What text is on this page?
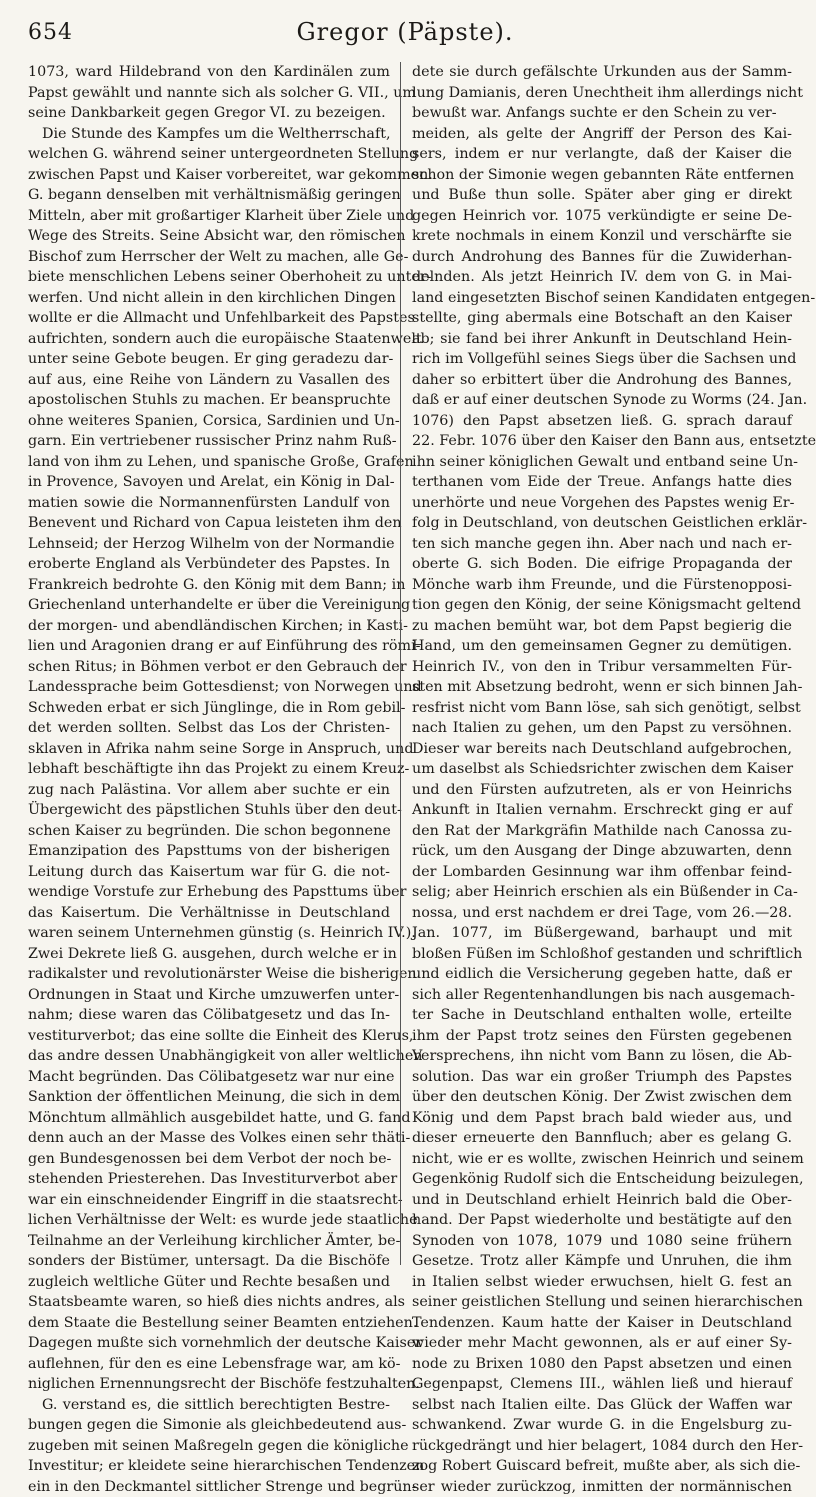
654	Gregor (Päpste).
1073, ward Hildebrand von den Kardinälen zum
Papst gewählt und nannte sich als solcher G. VII., um
seine Dankbarkeit gegen Gregor VI. zu bezeigen.
Die Stunde des Kampfes um die Weltherrschaft,
welchen G. während seiner untergeordneten Stellung
zwischen Papst und Kaiser vorbereitet, war gekommen.
G. begann denselben mit verhältnismäßig geringen
Mitteln, aber mit großartiger Klarheit über Ziele und
Wege des Streits. Seine Absicht war, den römischen
Bischof zum Herrscher der Welt zu machen, alle Ge-
biete menschlichen Lebens seiner Oberhoheit zu unter-
werfen. Und nicht allein in den kirchlichen Dingen
wollte er die Allmacht und Unfehlbarkeit des Papstes
aufrichten, sondern auch die europäische Staatenwelt
unter seine Gebote beugen. Er ging geradezu dar-
auf aus, eine Reihe von Ländern zu Vasallen des
apostolischen Stuhls zu machen. Er beanspruchte
ohne weiteres Spanien, Corsica, Sardinien und Un-
garn. Ein vertriebener russischer Prinz nahm Ruß-
land von ihm zu Lehen, und spanische Große, Grafen
in Provence, Savoyen und Arelat, ein König in Dal-
matien sowie die Normannenfürsten Landulf von
Benevent und Richard von Capua leisteten ihm den
Lehnseid; der Herzog Wilhelm von der Normandie
eroberte England als Verbündeter des Papstes. In
Frankreich bedrohte G. den König mit dem Bann; in
Griechenland unterhandelte er über die Vereinigung
der morgen- und abendländischen Kirchen; in Kasti-
lien und Aragonien drang er auf Einführung des römi-
schen Ritus; in Böhmen verbot er den Gebrauch der
Landessprache beim Gottesdienst; von Norwegen und
Schweden erbat er sich Jünglinge, die in Rom gebil-
det werden sollten. Selbst das Los der Christen-
sklaven in Afrika nahm seine Sorge in Anspruch, und
lebhaft beschäftigte ihn das Projekt zu einem Kreuz-
zug nach Palästina. Vor allem aber suchte er ein
Übergewicht des päpstlichen Stuhls über den deut-
schen Kaiser zu begründen. Die schon begonnene
Emanzipation des Papsttums von der bisherigen
Leitung durch das Kaisertum war für G. die not-
wendige Vorstufe zur Erhebung des Papsttums über
das Kaisertum. Die Verhältnisse in Deutschland
waren seinem Unternehmen günstig (s. Heinrich IV.).
Zwei Dekrete ließ G. ausgehen, durch welche er in
radikalster und revolutionärster Weise die bisherigen
Ordnungen in Staat und Kirche umzuwerfen unter-
nahm; diese waren das Cölibatgesetz und das In-
vestiturverbot; das eine sollte die Einheit des Klerus,
das andre dessen Unabhängigkeit von aller weltlichen
Macht begründen. Das Cölibatgesetz war nur eine
Sanktion der öffentlichen Meinung, die sich in dem
Mönchtum allmählich ausgebildet hatte, und G. fand
denn auch an der Masse des Volkes einen sehr thäti-
gen Bundesgenossen bei dem Verbot der noch be-
stehenden Priesterehen. Das Investiturverbot aber
war ein einschneidender Eingriff in die staatsrecht-
lichen Verhältnisse der Welt: es wurde jede staatliche
Teilnahme an der Verleihung kirchlicher Ämter, be-
sonders der Bistümer, untersagt. Da die Bischöfe
zugleich weltliche Güter und Rechte besaßen und
Staatsbeamte waren, so hieß dies nichts andres, als
dem Staate die Bestellung seiner Beamten entziehen.
Dagegen mußte sich vornehmlich der deutsche Kaiser
auflehnen, für den es eine Lebensfrage war, am kö-
niglichen Ernennungsrecht der Bischöfe festzuhalten.
G. verstand es, die sittlich berechtigten Bestre-
bungen gegen die Simonie als gleichbedeutend aus-
zugeben mit seinen Maßregeln gegen die königliche
Investitur; er kleidete seine hierarchischen Tendenzen
ein in den Deckmantel sittlicher Strenge und begrün-
dete sie durch gefälschte Urkunden aus der Samm-
lung Damianis, deren Unechtheit ihm allerdings nicht
bewußt war. Anfangs suchte er den Schein zu ver-
meiden, als gelte der Angriff der Person des Kai-
sers, indem er nur verlangte, daß der Kaiser die
schon der Simonie wegen gebannten Räte entfernen
und Buße thun solle. Später aber ging er direkt
gegen Heinrich vor. 1075 verkündigte er seine De-
krete nochmals in einem Konzil und verschärfte sie
durch Androhung des Bannes für die Zuwiderhan-
delnden. Als jetzt Heinrich IV. dem von G. in Mai-
land eingesetzten Bischof seinen Kandidaten entgegen-
stellte, ging abermals eine Botschaft an den Kaiser
ab; sie fand bei ihrer Ankunft in Deutschland Hein-
rich im Vollgefühl seines Siegs über die Sachsen und
daher so erbittert über die Androhung des Bannes,
daß er auf einer deutschen Synode zu Worms (24. Jan.
1076) den Papst absetzen ließ. G. sprach darauf
22. Febr. 1076 über den Kaiser den Bann aus, entsetzte
ihn seiner königlichen Gewalt und entband seine Un-
terthanen vom Eide der Treue. Anfangs hatte dies
unerhörte und neue Vorgehen des Papstes wenig Er-
folg in Deutschland, von deutschen Geistlichen erklär-
ten sich manche gegen ihn. Aber nach und nach er-
oberte G. sich Boden. Die eifrige Propaganda der
Mönche warb ihm Freunde, und die Fürstenopposi-
tion gegen den König, der seine Königsmacht geltend
zu machen bemüht war, bot dem Papst begierig die
Hand, um den gemeinsamen Gegner zu demütigen.
Heinrich IV., von den in Tribur versammelten Für-
sten mit Absetzung bedroht, wenn er sich binnen Jah-
resfrist nicht vom Bann löse, sah sich genötigt, selbst
nach Italien zu gehen, um den Papst zu versöhnen.
Dieser war bereits nach Deutschland aufgebrochen,
um daselbst als Schiedsrichter zwischen dem Kaiser
und den Fürsten aufzutreten, als er von Heinrichs
Ankunft in Italien vernahm. Erschreckt ging er auf
den Rat der Markgräfin Mathilde nach Canossa zu-
rück, um den Ausgang der Dinge abzuwarten, denn
der Lombarden Gesinnung war ihm offenbar feind-
selig; aber Heinrich erschien als ein Büßender in Ca-
nossa, und erst nachdem er drei Tage, vom 26.—28.
Jan. 1077, im Büßergewand, barhaupt und mit
bloßen Füßen im Schloßhof gestanden und schriftlich
und eidlich die Versicherung gegeben hatte, daß er
sich aller Regentenhandlungen bis nach ausgemach-
ter Sache in Deutschland enthalten wolle, erteilte
ihm der Papst trotz seines den Fürsten gegebenen
Versprechens, ihn nicht vom Bann zu lösen, die Ab-
solution. Das war ein großer Triumph des Papstes
über den deutschen König. Der Zwist zwischen dem
König und dem Papst brach bald wieder aus, und
dieser erneuerte den Bannfluch; aber es gelang G.
nicht, wie er es wollte, zwischen Heinrich und seinem
Gegenkönig Rudolf sich die Entscheidung beizulegen,
und in Deutschland erhielt Heinrich bald die Ober-
hand. Der Papst wiederholte und bestätigte auf den
Synoden von 1078, 1079 und 1080 seine frühern
Gesetze. Trotz aller Kämpfe und Unruhen, die ihm
in Italien selbst wieder erwuchsen, hielt G. fest an
seiner geistlichen Stellung und seinen hierarchischen
Tendenzen. Kaum hatte der Kaiser in Deutschland
wieder mehr Macht gewonnen, als er auf einer Sy-
node zu Brixen 1080 den Papst absetzen und einen
Gegenpapst, Clemens III., wählen ließ und hierauf
selbst nach Italien eilte. Das Glück der Waffen war
schwankend. Zwar wurde G. in die Engelsburg zu-
rückgedrängt und hier belagert, 1084 durch den Her-
zog Robert Guiscard befreit, mußte aber, als sich die-
ser wieder zurückzog, inmitten der normännischen
